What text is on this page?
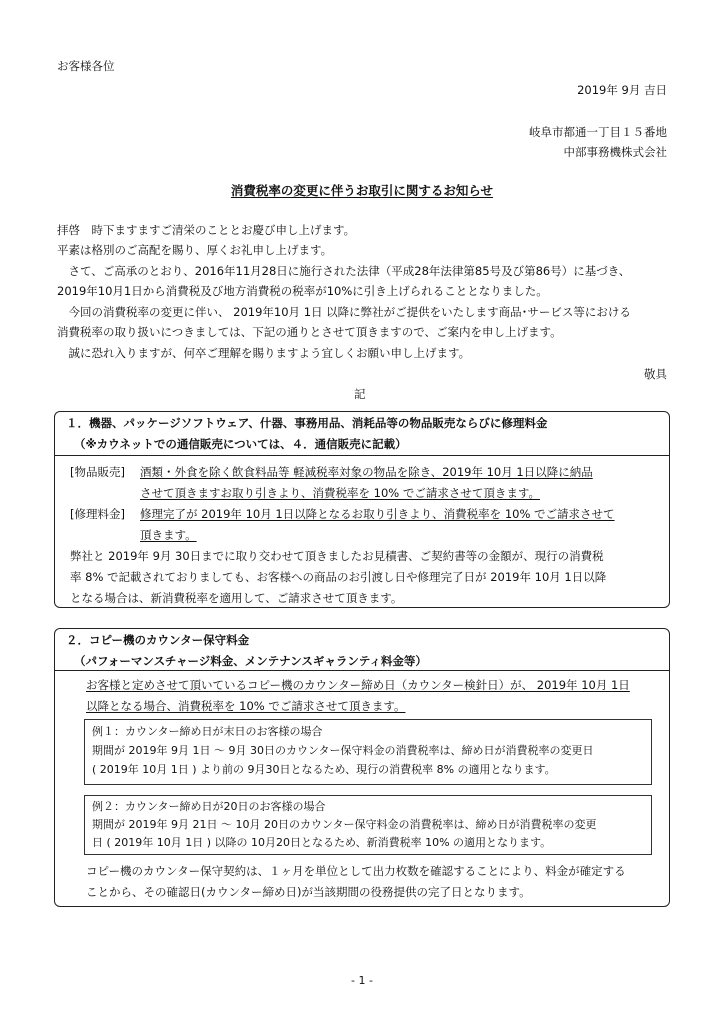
お客様各位
2019年 9月 吉日
岐阜市都通一丁目１５番地
中部事務機株式会社
消費税率の変更に伴うお取引に関するお知らせ
拝啓　時下ますますご清栄のこととお慶び申し上げます。
平素は格別のご高配を賜り、厚くお礼申し上げます。
　さて、ご高承のとおり、2016年11月28日に施行された法律（平成28年法律第85号及び第86号）に基づき、
2019年10月1日から消費税及び地方消費税の税率が10%に引き上げられることとなりました。
　今回の消費税率の変更に伴い、 2019年10月 1日 以降に弊社がご提供をいたします商品･サービス等における
消費税率の取り扱いにつきましては、下記の通りとさせて頂きますので、ご案内を申し上げます。
　誠に恐れ入りますが、何卒ご理解を賜りますよう宜しくお願い申し上げます。
敬具
記
１．機器、パッケージソフトウェア、什器、事務用品、消耗品等の物品販売ならびに修理料金
（※カウネットでの通信販売については、４．通信販売に記載）
[物品販売] 酒類・外食を除く飲食料品等 軽減税率対象の物品を除き、2019年 10月 1日以降に納品
させて頂きますお取り引きより、消費税率を 10% でご請求させて頂きます。
[修理料金] 修理完了が 2019年 10月 1日以降となるお取り引きより、消費税率を 10% でご請求させて
頂きます。
弊社と 2019年 9月 30日までに取り交わせて頂きましたお見積書、ご契約書等の金額が、現行の消費税
率 8% で記載されておりましても、お客様への商品のお引渡し日や修理完了日が 2019年 10月 1日以降
となる場合は、新消費税率を適用して、ご請求させて頂きます。
２．コピー機のカウンター保守料金
（パフォーマンスチャージ料金、メンテナンスギャランティ料金等）
お客様と定めさせて頂いているコピー機のカウンター締め日（カウンター検針日）が、 2019年 10月 1日
以降となる場合、消費税率を 10% でご請求させて頂きます。
例１：カウンター締め日が末日のお客様の場合
期間が 2019年 9月 1日 ～ 9月 30日のカウンター保守料金の消費税率は、締め日が消費税率の変更日
( 2019年 10月 1日 ) より前の 9月30日となるため、現行の消費税率 8% の適用となります。
例２：カウンター締め日が20日のお客様の場合
期間が 2019年 9月 21日 ～ 10月 20日のカウンター保守料金の消費税率は、締め日が消費税率の変更
日 ( 2019年 10月 1日 ) 以降の 10月20日となるため、新消費税率 10% の適用となります。
コピー機のカウンター保守契約は、１ヶ月を単位として出力枚数を確認することにより、料金が確定する
ことから、その確認日(カウンター締め日)が当該期間の役務提供の完了日となります。
- 1 -
